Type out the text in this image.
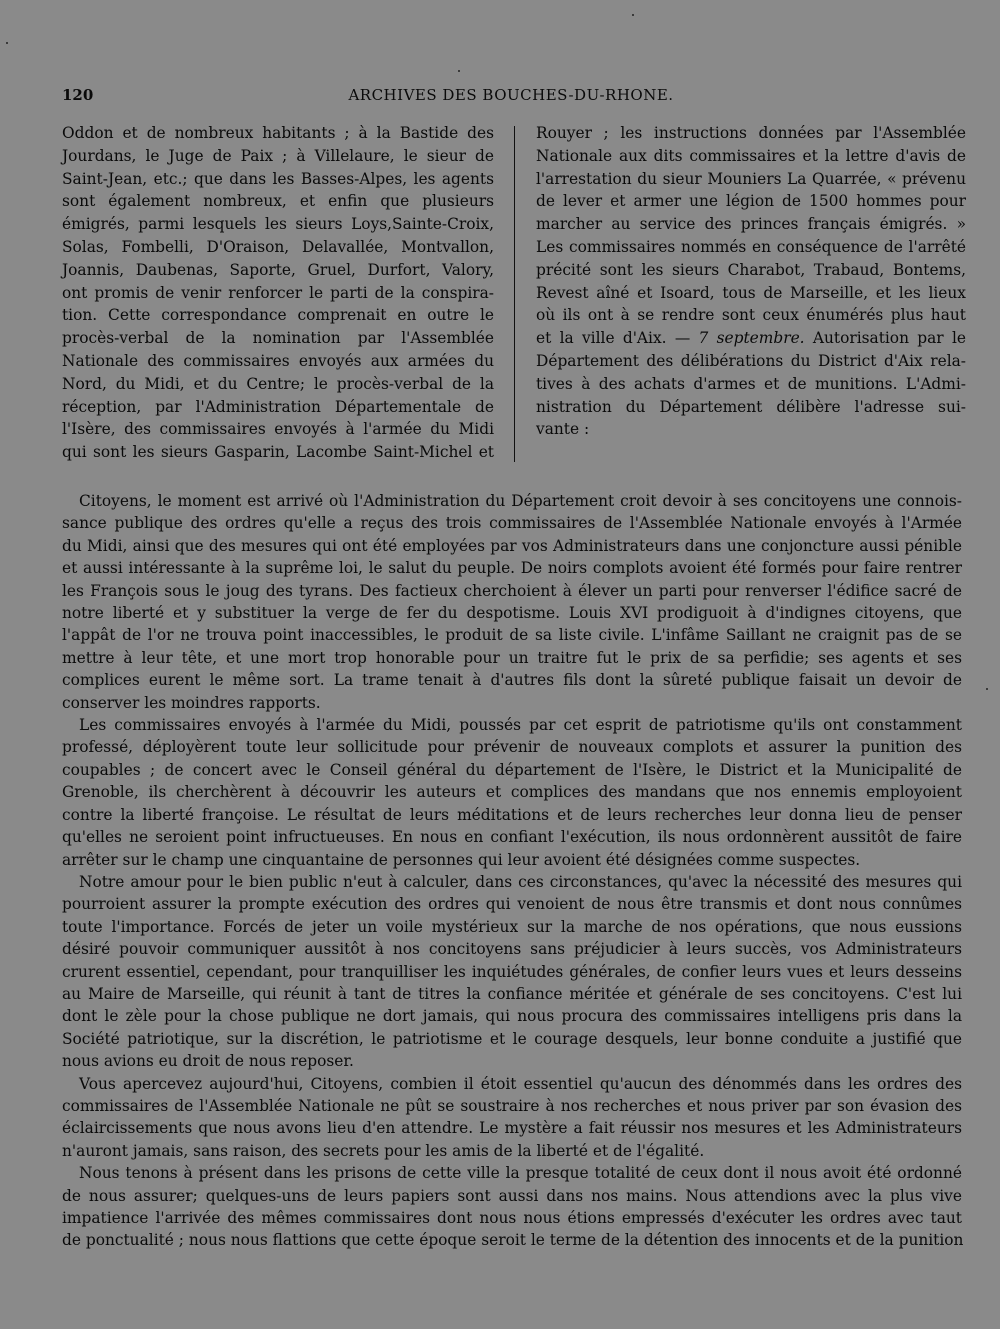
120	ARCHIVES DES BOUCHES-DU-RHONE.
Oddon et de nombreux habitants ; à la Bastide des
Jourdans, le Juge de Paix ; à Villelaure, le sieur de
Saint-Jean, etc.; que dans les Basses-Alpes, les agents
sont également nombreux, et enfin que plusieurs
émigrés, parmi lesquels les sieurs Loys,Sainte-Croix,
Solas, Fombelli, D'Oraison, Delavallée, Montvallon,
Joannis, Daubenas, Saporte, Gruel, Durfort, Valory,
ont promis de venir renforcer le parti de la conspira-
tion. Cette correspondance comprenait en outre le
procès-verbal de la nomination par l'Assemblée
Nationale des commissaires envoyés aux armées du
Nord, du Midi, et du Centre; le procès-verbal de la
réception, par l'Administration Départementale de
l'Isère, des commissaires envoyés à l'armée du Midi
qui sont les sieurs Gasparin, Lacombe Saint-Michel et
Rouyer ; les instructions données par l'Assemblée
Nationale aux dits commissaires et la lettre d'avis de
l'arrestation du sieur Mouniers La Quarrée, « prévenu
de lever et armer une légion de 1500 hommes pour
marcher au service des princes français émigrés. »
Les commissaires nommés en conséquence de l'arrêté
précité sont les sieurs Charabot, Trabaud, Bontems,
Revest aîné et Isoard, tous de Marseille, et les lieux
où ils ont à se rendre sont ceux énumérés plus haut
et la ville d'Aix. — 7 septembre. Autorisation par le
Département des délibérations du District d'Aix rela-
tives à des achats d'armes et de munitions. L'Admi-
nistration du Département délibère l'adresse sui-
vante :
Citoyens, le moment est arrivé où l'Administration du Département croit devoir à ses concitoyens une connois-
sance publique des ordres qu'elle a reçus des trois commissaires de l'Assemblée Nationale envoyés à l'Armée
du Midi, ainsi que des mesures qui ont été employées par vos Administrateurs dans une conjoncture aussi pénible
et aussi intéressante à la suprême loi, le salut du peuple. De noirs complots avoient été formés pour faire rentrer
les François sous le joug des tyrans. Des factieux cherchoient à élever un parti pour renverser l'édifice sacré de
notre liberté et y substituer la verge de fer du despotisme. Louis XVI prodiguoit à d'indignes citoyens, que
l'appât de l'or ne trouva point inaccessibles, le produit de sa liste civile. L'infâme Saillant ne craignit pas de se
mettre à leur tête, et une mort trop honorable pour un traitre fut le prix de sa perfidie; ses agents et ses
complices eurent le même sort. La trame tenait à d'autres fils dont la sûreté publique faisait un devoir de
conserver les moindres rapports.
Les commissaires envoyés à l'armée du Midi, poussés par cet esprit de patriotisme qu'ils ont constamment
professé, déployèrent toute leur sollicitude pour prévenir de nouveaux complots et assurer la punition des
coupables ; de concert avec le Conseil général du département de l'Isère, le District et la Municipalité de
Grenoble, ils cherchèrent à découvrir les auteurs et complices des mandans que nos ennemis employoient
contre la liberté françoise. Le résultat de leurs méditations et de leurs recherches leur donna lieu de penser
qu'elles ne seroient point infructueuses. En nous en confiant l'exécution, ils nous ordonnèrent aussitôt de faire
arrêter sur le champ une cinquantaine de personnes qui leur avoient été désignées comme suspectes.
Notre amour pour le bien public n'eut à calculer, dans ces circonstances, qu'avec la nécessité des mesures qui
pourroient assurer la prompte exécution des ordres qui venoient de nous être transmis et dont nous connûmes
toute l'importance. Forcés de jeter un voile mystérieux sur la marche de nos opérations, que nous eussions
désiré pouvoir communiquer aussitôt à nos concitoyens sans préjudicier à leurs succès, vos Administrateurs
crurent essentiel, cependant, pour tranquilliser les inquiétudes générales, de confier leurs vues et leurs desseins
au Maire de Marseille, qui réunit à tant de titres la confiance méritée et générale de ses concitoyens. C'est lui
dont le zèle pour la chose publique ne dort jamais, qui nous procura des commissaires intelligens pris dans la
Société patriotique, sur la discrétion, le patriotisme et le courage desquels, leur bonne conduite a justifié que
nous avions eu droit de nous reposer.
Vous apercevez aujourd'hui, Citoyens, combien il étoit essentiel qu'aucun des dénommés dans les ordres des
commissaires de l'Assemblée Nationale ne pût se soustraire à nos recherches et nous priver par son évasion des
éclaircissements que nous avons lieu d'en attendre. Le mystère a fait réussir nos mesures et les Administrateurs
n'auront jamais, sans raison, des secrets pour les amis de la liberté et de l'égalité.
Nous tenons à présent dans les prisons de cette ville la presque totalité de ceux dont il nous avoit été ordonné
de nous assurer; quelques-uns de leurs papiers sont aussi dans nos mains. Nous attendions avec la plus vive
impatience l'arrivée des mêmes commissaires dont nous nous étions empressés d'exécuter les ordres avec taut
de ponctualité ; nous nous flattions que cette époque seroit le terme de la détention des innocents et de la punition
